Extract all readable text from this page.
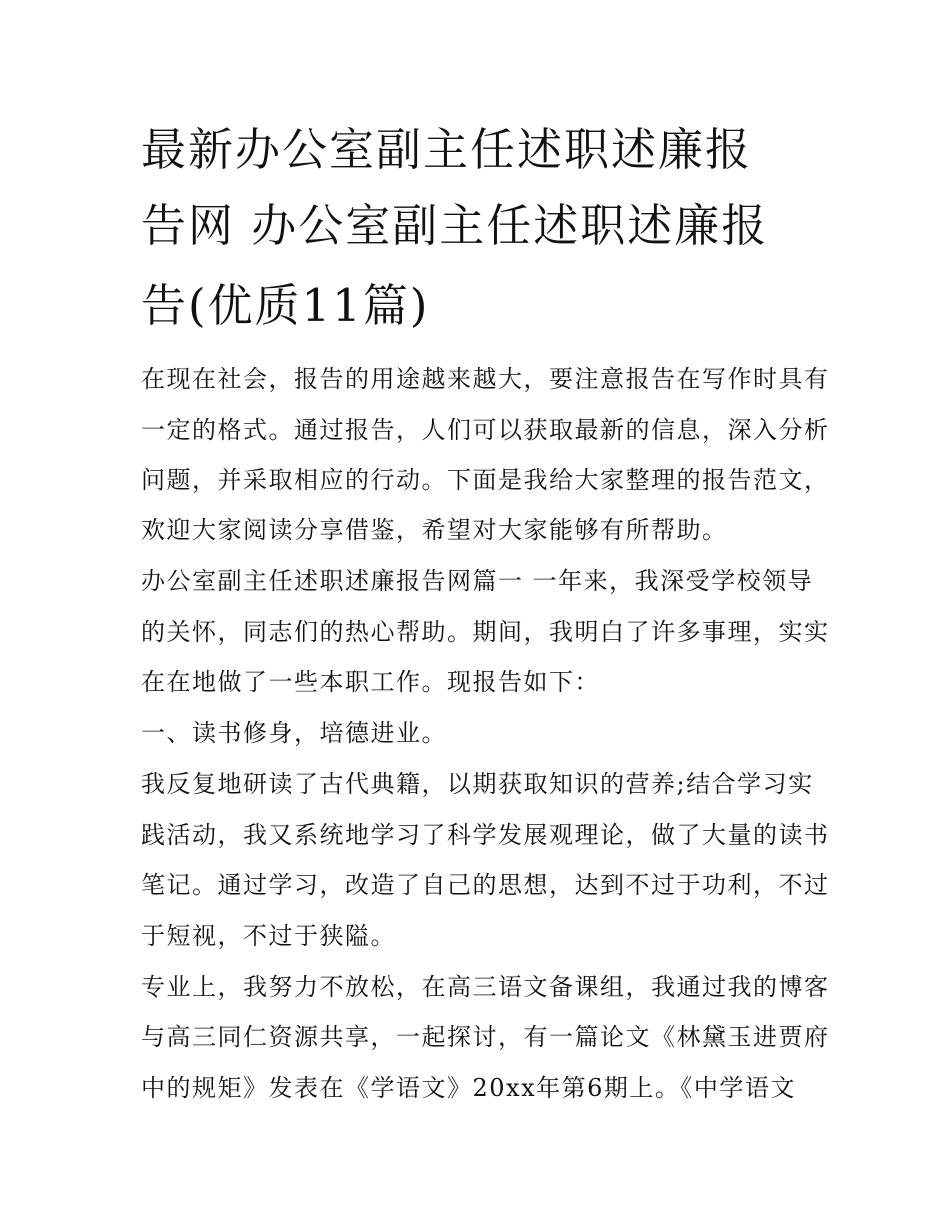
最新办公室副主任述职述廉报
告网 办公室副主任述职述廉报
告(优质11篇)
在现在社会，报告的用途越来越大，要注意报告在写作时具有
一定的格式。通过报告，人们可以获取最新的信息，深入分析
问题，并采取相应的行动。下面是我给大家整理的报告范文，
欢迎大家阅读分享借鉴，希望对大家能够有所帮助。
办公室副主任述职述廉报告网篇一 一年来，我深受学校领导
的关怀，同志们的热心帮助。期间，我明白了许多事理，实实
在在地做了一些本职工作。现报告如下：
一、读书修身，培德进业。
我反复地研读了古代典籍，以期获取知识的营养;结合学习实
践活动，我又系统地学习了科学发展观理论，做了大量的读书
笔记。通过学习，改造了自己的思想，达到不过于功利，不过
于短视，不过于狭隘。
专业上，我努力不放松，在高三语文备课组，我通过我的博客
与高三同仁资源共享，一起探讨，有一篇论文《林黛玉进贾府
中的规矩》发表在《学语文》20xx年第6期上。《中学语文
